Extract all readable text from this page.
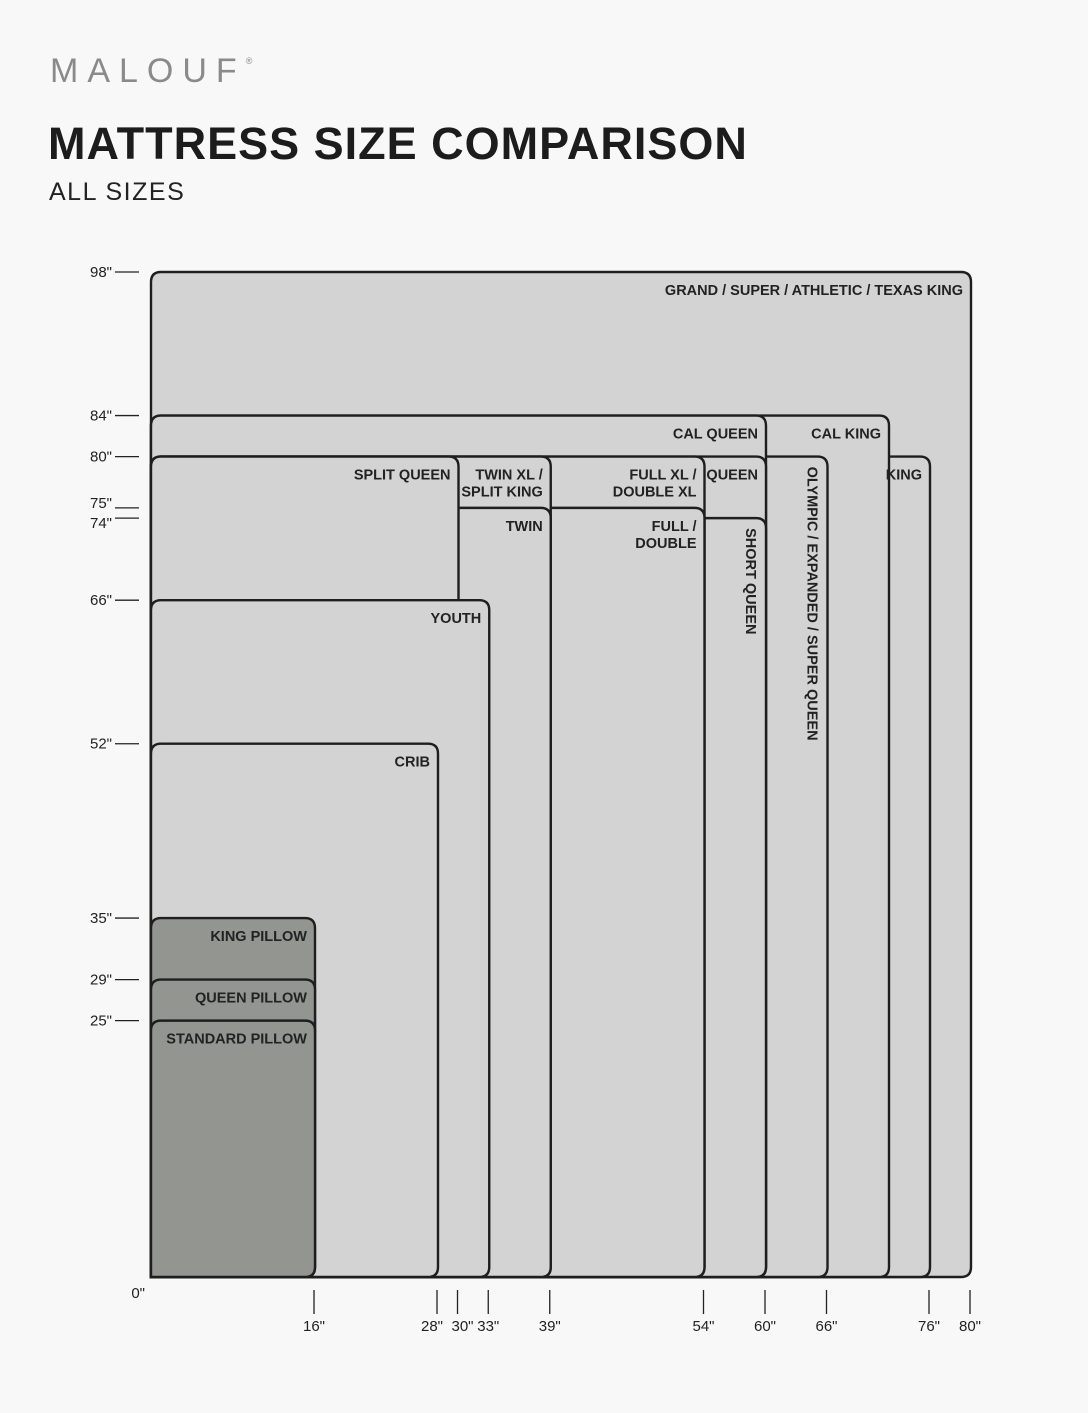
MALOUF®
MATTRESS SIZE COMPARISON
ALL SIZES
GRAND / SUPER / ATHLETIC / TEXAS KING
CAL KING
KING
OLYMPIC / EXPANDED / SUPER QUEEN
CAL QUEEN
QUEEN
SHORT QUEEN
FULL XL /
DOUBLE XL
FULL /
DOUBLE
TWIN XL /
SPLIT KING
SPLIT QUEEN
TWIN
YOUTH
CRIB
KING PILLOW
QUEEN PILLOW
STANDARD PILLOW
98"
84"
80"
75"
74"
66"
52"
35"
29"
25"
0"
16"	28" 30" 33"	39"	54"	60"	66"	76" 80"
